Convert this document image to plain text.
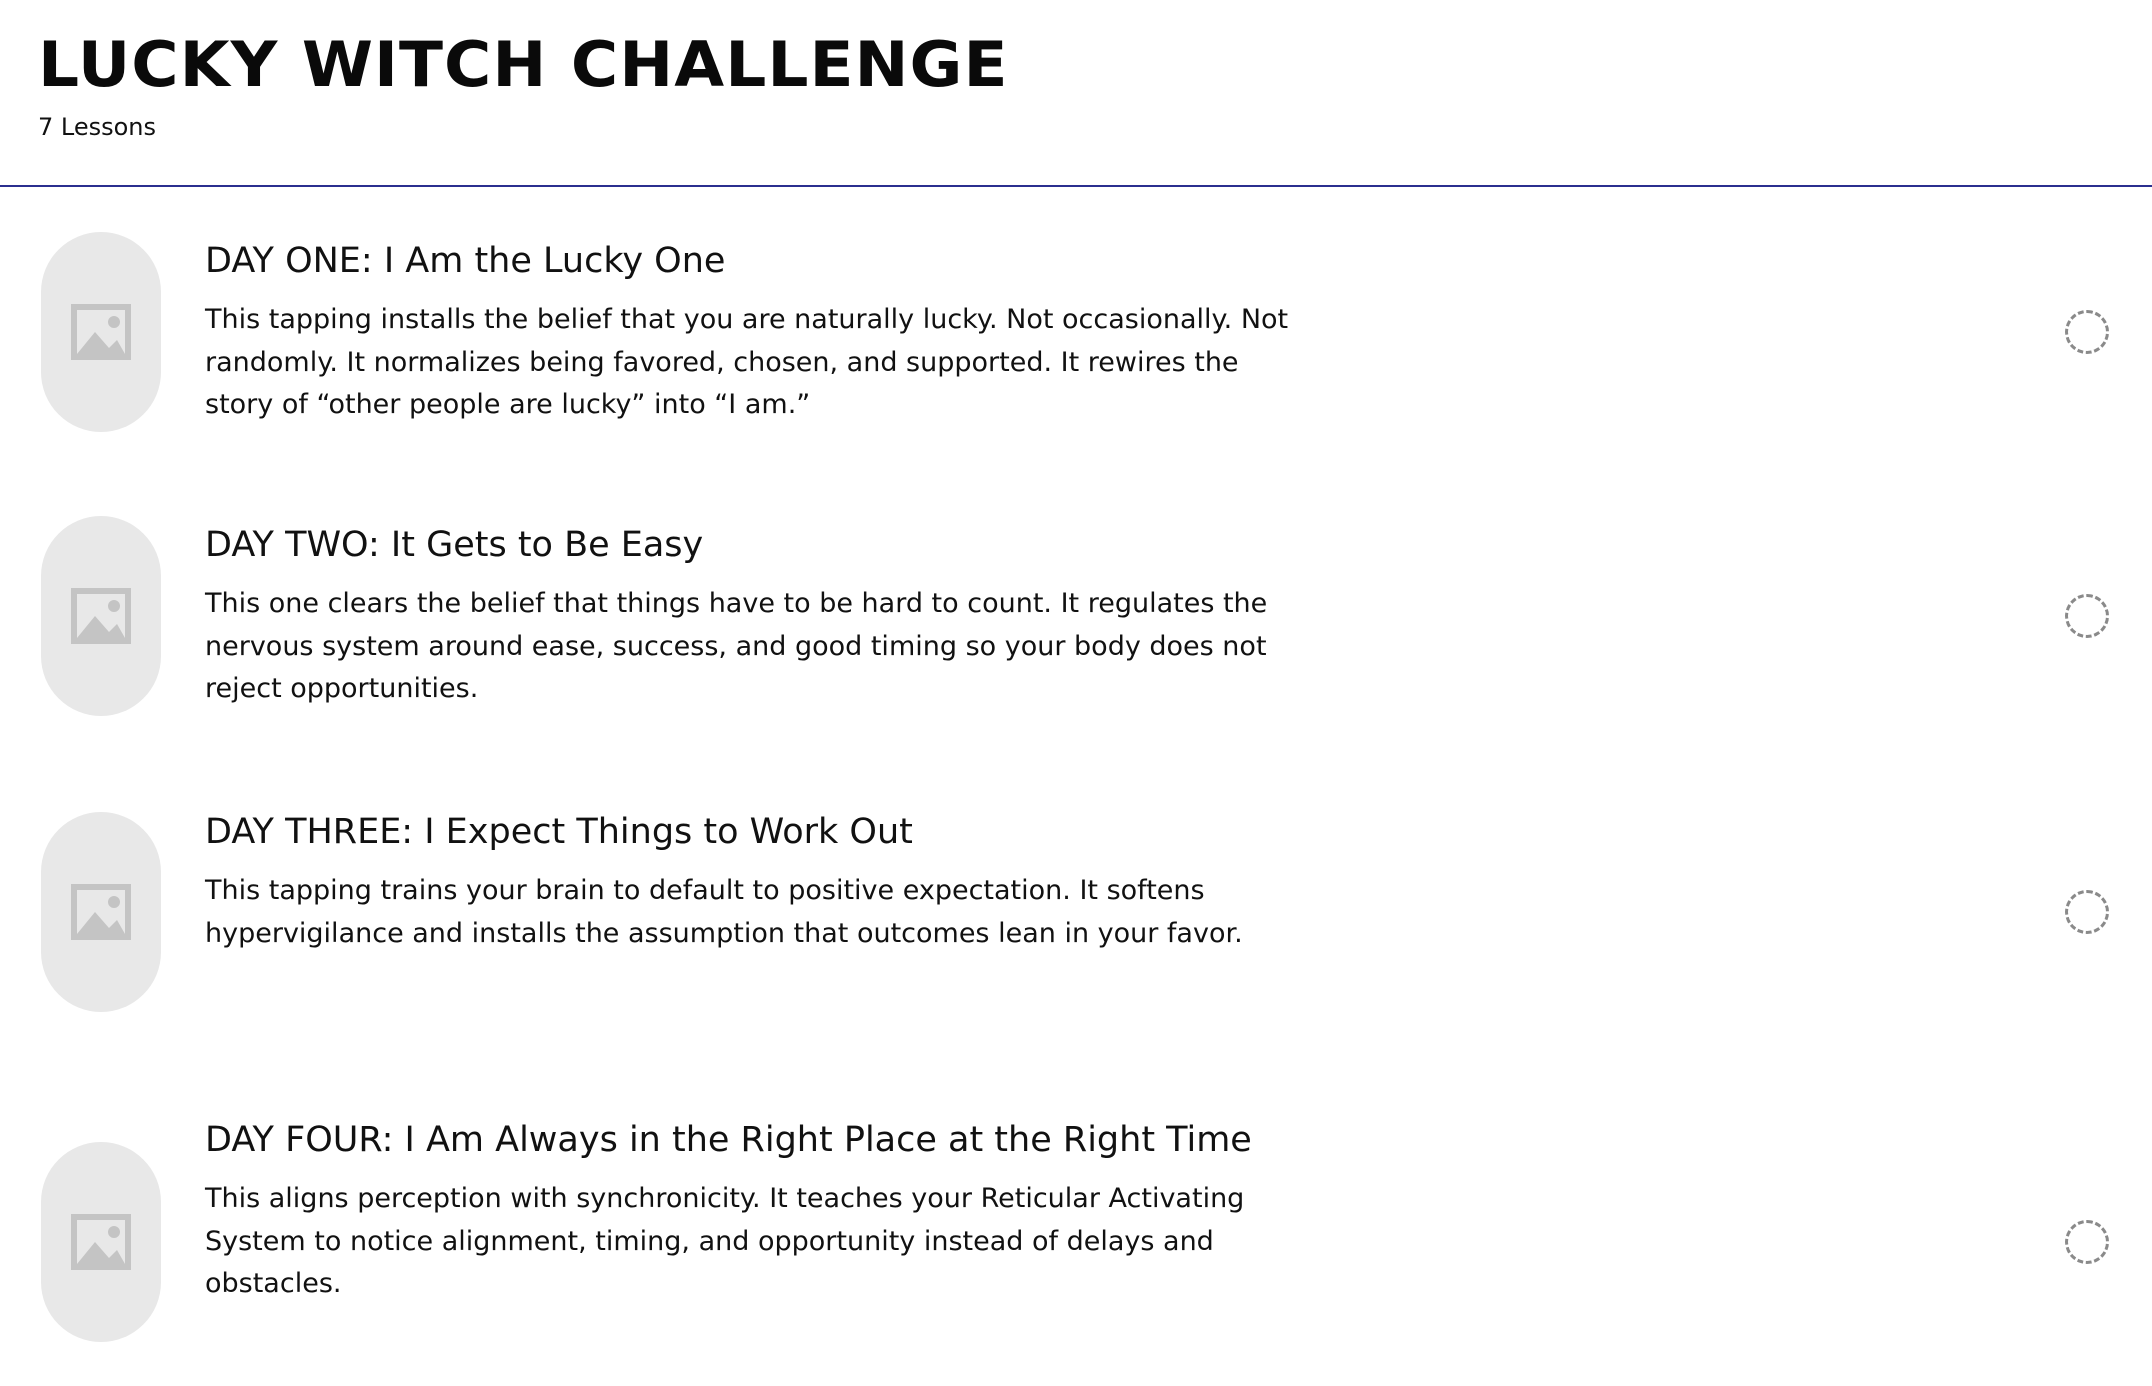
LUCKY WITCH CHALLENGE
7 Lessons
DAY ONE: I Am the Lucky One
This tapping installs the belief that you are naturally lucky. Not occasionally. Not randomly. It normalizes being favored, chosen, and supported. It rewires the story of “other people are lucky” into “I am.”
DAY TWO: It Gets to Be Easy
This one clears the belief that things have to be hard to count. It regulates the nervous system around ease, success, and good timing so your body does not reject opportunities.
DAY THREE: I Expect Things to Work Out
This tapping trains your brain to default to positive expectation. It softens hypervigilance and installs the assumption that outcomes lean in your favor.
DAY FOUR: I Am Always in the Right Place at the Right Time
This aligns perception with synchronicity. It teaches your Reticular Activating System to notice alignment, timing, and opportunity instead of delays and obstacles.
